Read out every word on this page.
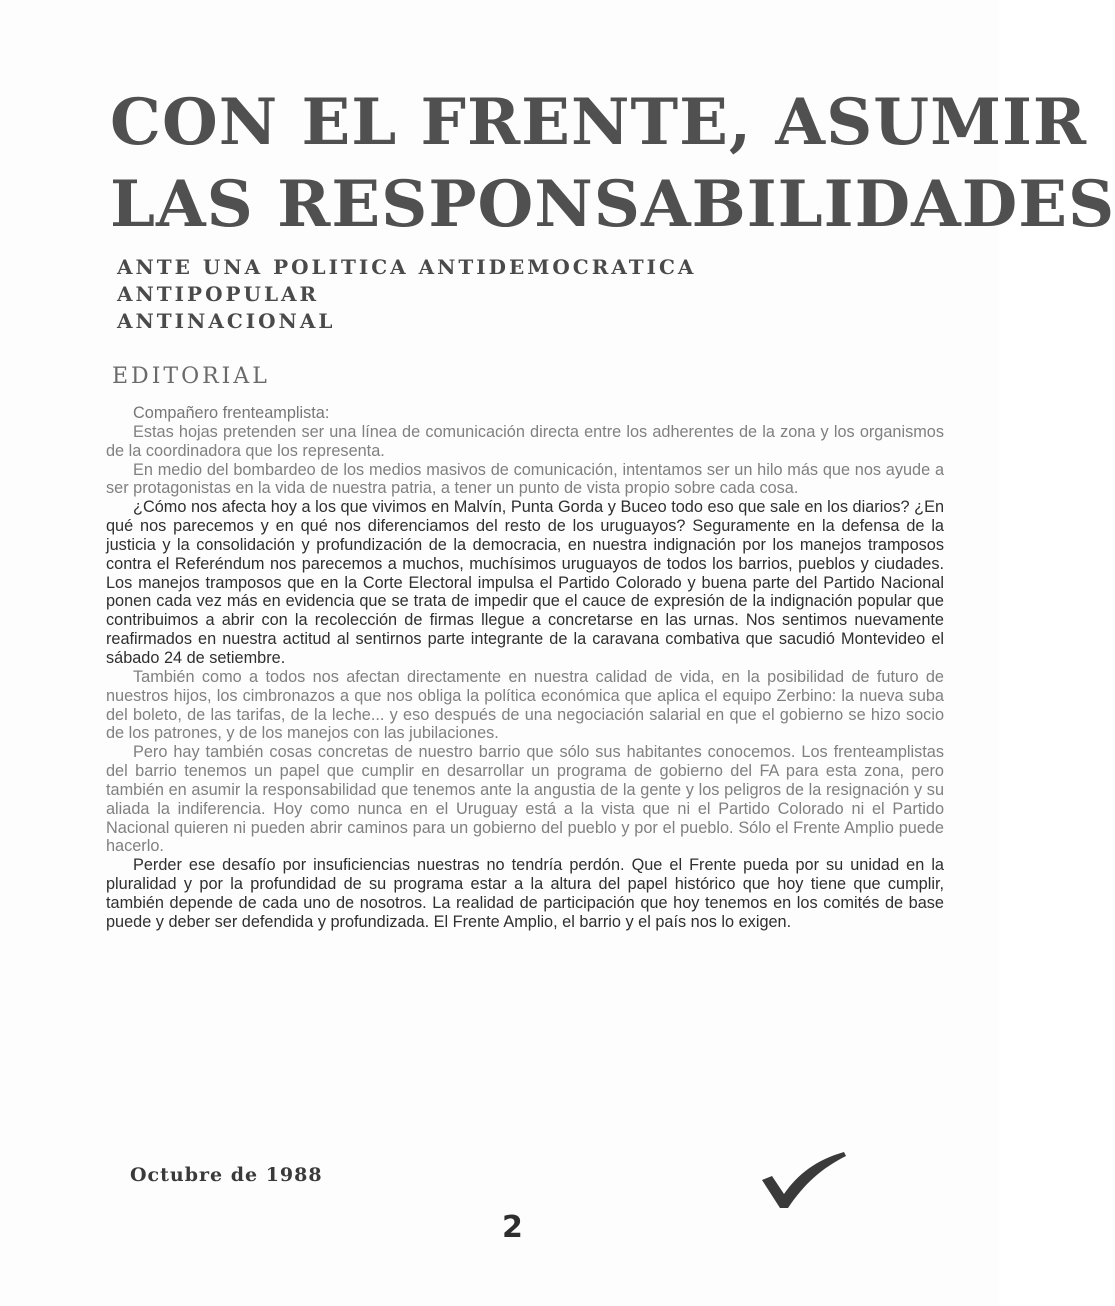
CON EL FRENTE, ASUMIR
LAS RESPONSABILIDADES
ANTE UNA POLITICA ANTIDEMOCRATICA
ANTIPOPULAR
ANTINACIONAL
EDITORIAL

Compañero frenteamplista:

Estas hojas pretenden ser una línea de comunicación directa entre los adherentes de la zona y los organismos de la coordinadora que los representa.

En medio del bombardeo de los medios masivos de comunicación, intentamos ser un hilo más que nos ayude a ser protagonistas en la vida de nuestra patria, a tener un punto de vista propio sobre cada cosa.

¿Cómo nos afecta hoy a los que vivimos en Malvín, Punta Gorda y Buceo todo eso que sale en los diarios? ¿En qué nos parecemos y en qué nos diferenciamos del resto de los uruguayos? Seguramente en la defensa de la justicia y la consolidación y profundización de la democracia, en nuestra indignación por los manejos tramposos contra el Referéndum nos parecemos a muchos, muchísimos uruguayos de todos los barrios, pueblos y ciudades. Los manejos tramposos que en la Corte Electoral impulsa el Partido Colorado y buena parte del Partido Nacional ponen cada vez más en evidencia que se trata de impedir que el cauce de expresión de la indignación popular que contribuimos a abrir con la recolección de firmas llegue a concretarse en las urnas. Nos sentimos nuevamente reafirmados en nuestra actitud al sentirnos parte integrante de la caravana combativa que sacudió Montevideo el sábado 24 de setiembre.

También como a todos nos afectan directamente en nuestra calidad de vida, en la posibilidad de futuro de nuestros hijos, los cimbronazos a que nos obliga la política económica que aplica el equipo Zerbino: la nueva suba del boleto, de las tarifas, de la leche... y eso después de una negociación salarial en que el gobierno se hizo socio de los patrones, y de los manejos con las jubilaciones.

Pero hay también cosas concretas de nuestro barrio que sólo sus habitantes conocemos. Los frenteamplistas del barrio tenemos un papel que cumplir en desarrollar un programa de gobierno del FA para esta zona, pero también en asumir la responsabilidad que tenemos ante la angustia de la gente y los peligros de la resignación y su aliada la indiferencia. Hoy como nunca en el Uruguay está a la vista que ni el Partido Colorado ni el Partido Nacional quieren ni pueden abrir caminos para un gobierno del pueblo y por el pueblo. Sólo el Frente Amplio puede hacerlo.

Perder ese desafío por insuficiencias nuestras no tendría perdón. Que el Frente pueda por su unidad en la pluralidad y por la profundidad de su programa estar a la altura del papel histórico que hoy tiene que cumplir, también depende de cada uno de nosotros. La realidad de participación que hoy tenemos en los comités de base puede y deber ser defendida y profundizada. El Frente Amplio, el barrio y el país nos lo exigen.

Octubre de 1988
2
